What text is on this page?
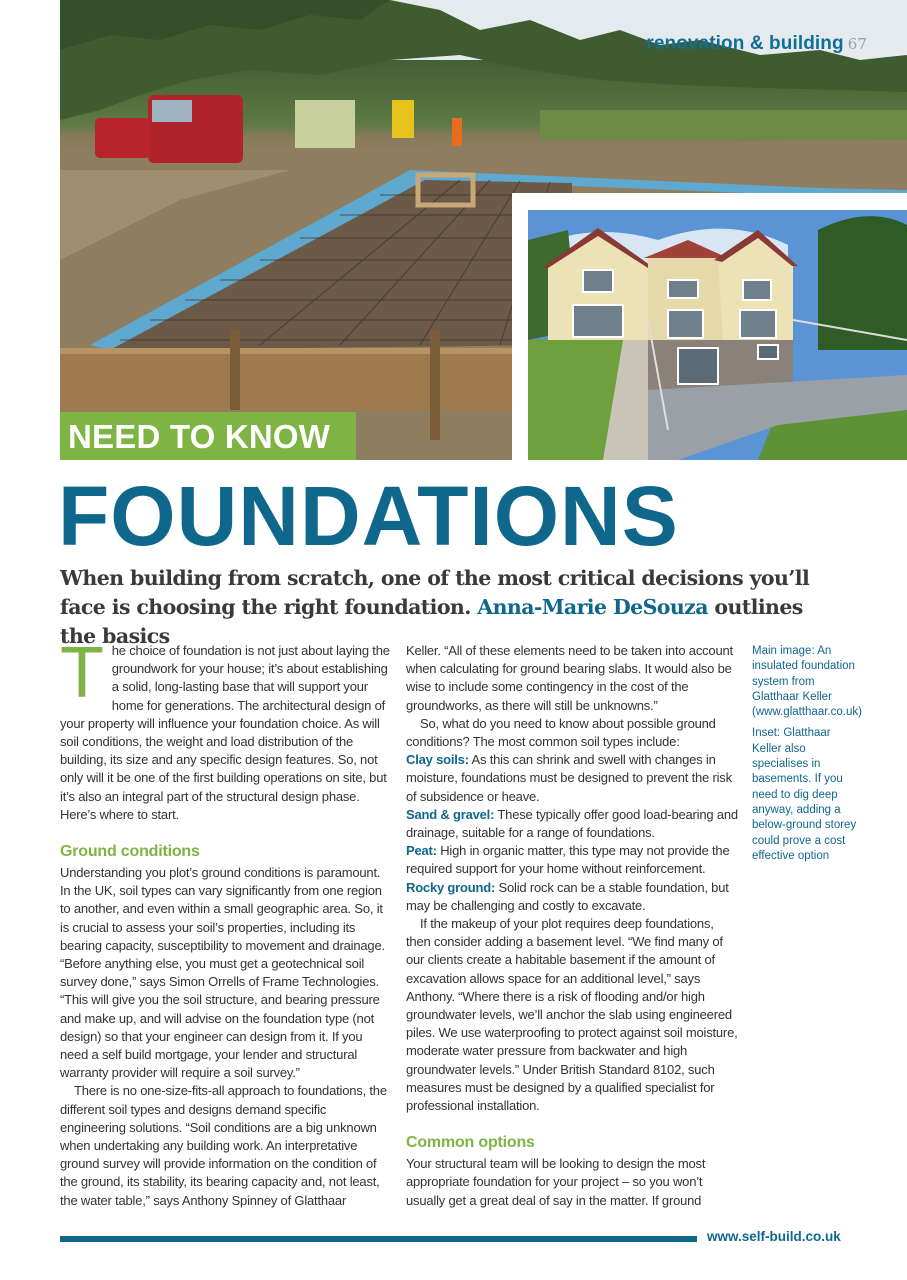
renovation & building 67
NEED TO KNOW
FOUNDATIONS

When building from scratch, one of the most critical decisions you’ll face is choosing the right foundation. Anna-Marie DeSouza outlines the basics

The choice of foundation is not just about laying the groundwork for your house; it’s about establishing a solid, long-lasting base that will support your home for generations. The architectural design of your property will influence your foundation choice. As will soil conditions, the weight and load distribution of the building, its size and any specific design features. So, not only will it be one of the first building operations on site, but it’s also an integral part of the structural design phase. Here’s where to start.

Ground conditions

Understanding you plot’s ground conditions is paramount. In the UK, soil types can vary significantly from one region to another, and even within a small geographic area. So, it is crucial to assess your soil’s properties, including its bearing capacity, susceptibility to movement and drainage. “Before anything else, you must get a geotechnical soil survey done,” says Simon Orrells of Frame Technologies. “This will give you the soil structure, and bearing pressure and make up, and will advise on the foundation type (not design) so that your engineer can design from it. If you need a self build mortgage, your lender and structural warranty provider will require a soil survey.”

There is no one-size-fits-all approach to foundations, the different soil types and designs demand specific engineering solutions. “Soil conditions are a big unknown when undertaking any building work. An interpretative ground survey will provide information on the condition of the ground, its stability, its bearing capacity and, not least, the water table,” says Anthony Spinney of Glatthaar

Keller. “All of these elements need to be taken into account when calculating for ground bearing slabs. It would also be wise to include some contingency in the cost of the groundworks, as there will still be unknowns.”

So, what do you need to know about possible ground conditions? The most common soil types include:

Clay soils: As this can shrink and swell with changes in moisture, foundations must be designed to prevent the risk of subsidence or heave.

Sand & gravel: These typically offer good load-bearing and drainage, suitable for a range of foundations.

Peat: High in organic matter, this type may not provide the required support for your home without reinforcement.

Rocky ground: Solid rock can be a stable foundation, but may be challenging and costly to excavate.

If the makeup of your plot requires deep foundations, then consider adding a basement level. “We find many of our clients create a habitable basement if the amount of excavation allows space for an additional level,” says Anthony. “Where there is a risk of flooding and/or high groundwater levels, we’ll anchor the slab using engineered piles. We use waterproofing to protect against soil moisture, moderate water pressure from backwater and high groundwater levels.” Under British Standard 8102, such measures must be designed by a qualified specialist for professional installation.

Common options

Your structural team will be looking to design the most appropriate foundation for your project – so you won’t usually get a great deal of say in the matter. If ground

Main image: An insulated foundation system from Glatthaar Keller (www.glatthaar.co.uk)

Inset: Glatthaar Keller also specialises in basements. If you need to dig deep anyway, adding a below-ground storey could prove a cost effective option

www.self-build.co.uk
